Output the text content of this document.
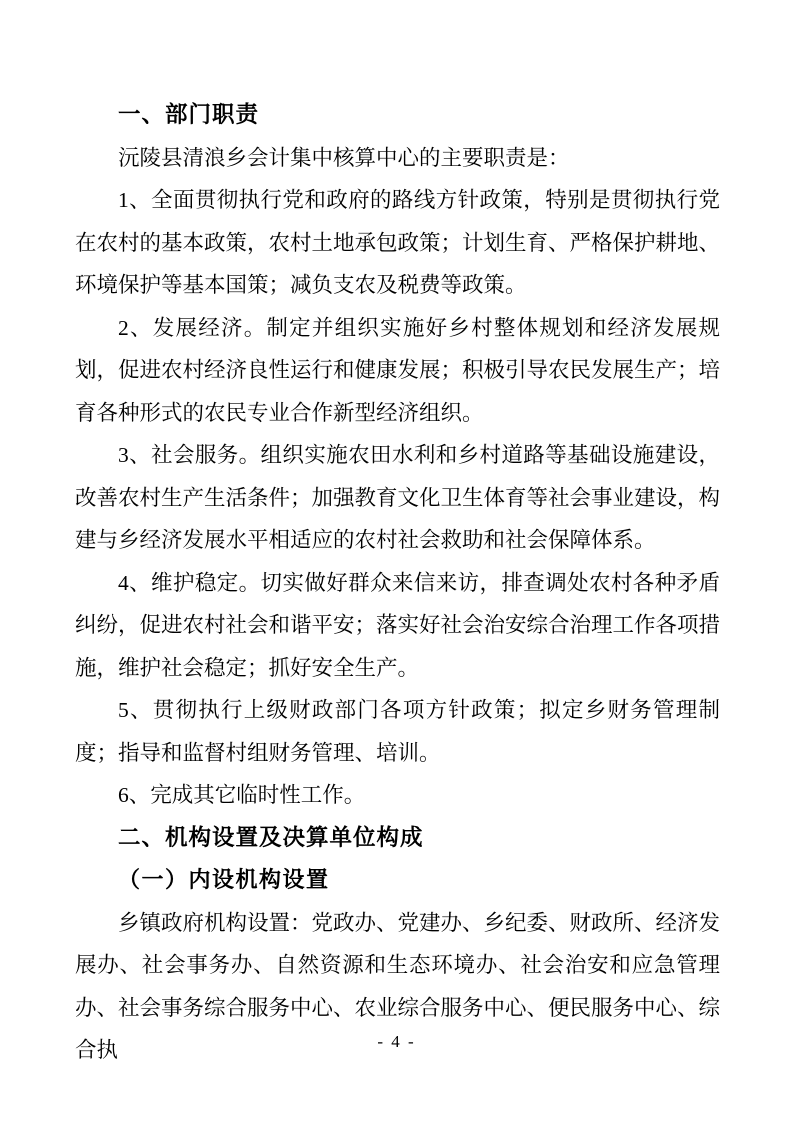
一、部门职责

沅陵县清浪乡会计集中核算中心的主要职责是：

1、全面贯彻执行党和政府的路线方针政策，特别是贯彻执行党在农村的基本政策，农村土地承包政策；计划生育、严格保护耕地、环境保护等基本国策；减负支农及税费等政策。

2、发展经济。制定并组织实施好乡村整体规划和经济发展规划，促进农村经济良性运行和健康发展；积极引导农民发展生产；培育各种形式的农民专业合作新型经济组织。

3、社会服务。组织实施农田水利和乡村道路等基础设施建设，改善农村生产生活条件；加强教育文化卫生体育等社会事业建设，构建与乡经济发展水平相适应的农村社会救助和社会保障体系。

4、维护稳定。切实做好群众来信来访，排查调处农村各种矛盾纠纷，促进农村社会和谐平安；落实好社会治安综合治理工作各项措施，维护社会稳定；抓好安全生产。

5、贯彻执行上级财政部门各项方针政策；拟定乡财务管理制度；指导和监督村组财务管理、培训。

6、完成其它临时性工作。

二、机构设置及决算单位构成
（一）内设机构设置

乡镇政府机构设置：党政办、党建办、乡纪委、财政所、经济发展办、社会事务办、自然资源和生态环境办、社会治安和应急管理办、社会事务综合服务中心、农业综合服务中心、便民服务中心、综合执	- 4 -
